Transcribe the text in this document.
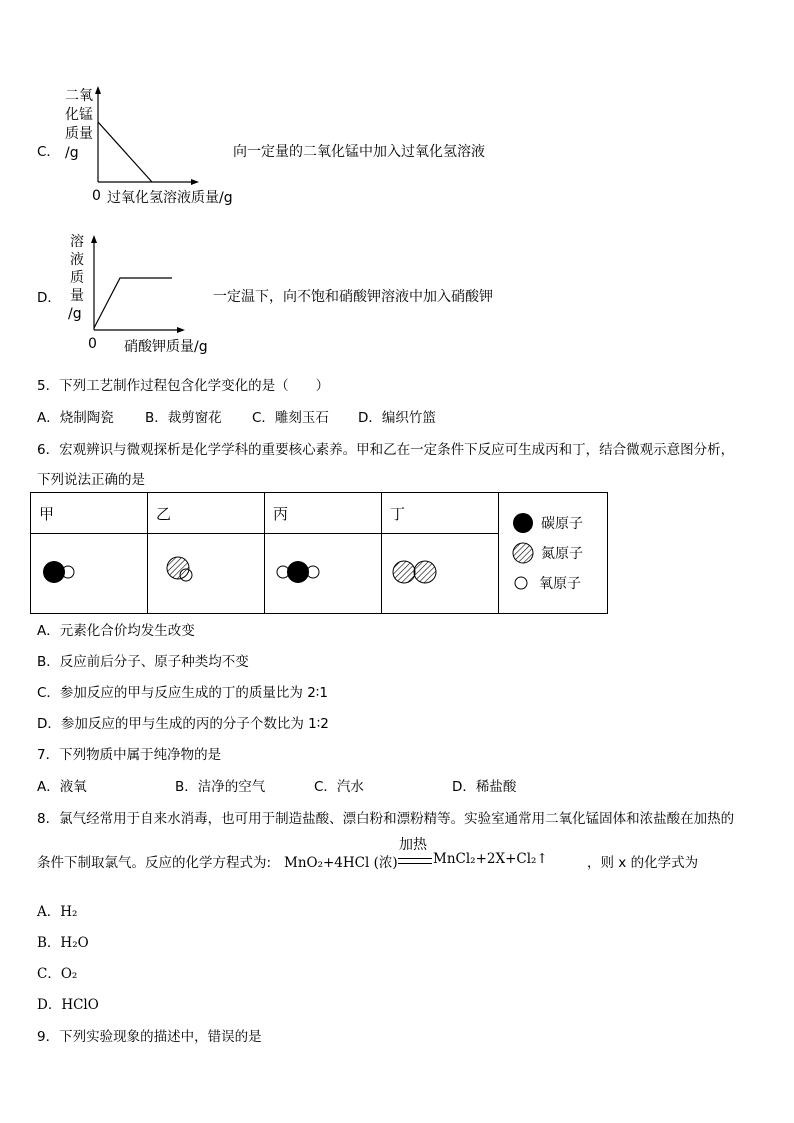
C．
二氧
化锰
质量
/g
0 过氧化氢溶液质量/g
向一定量的二氧化锰中加入过氧化氢溶液
D．
溶
液
质
量
/g
0 硝酸钾质量/g
一定温下，向不饱和硝酸钾溶液中加入硝酸钾
5．下列工艺制作过程包含化学变化的是（　　）
A．烧制陶瓷 B．裁剪窗花 C．雕刻玉石 D．编织竹篮
6．宏观辨识与微观探析是化学学科的重要核心素养。甲和乙在一定条件下反应可生成丙和丁，结合微观示意图分析，
下列说法正确的是
甲	乙	丙	丁	碳原子
氮原子
氧原子

A．元素化合价均发生改变
B．反应前后分子、原子种类均不变
C．参加反应的甲与反应生成的丁的质量比为 2∶1
D．参加反应的甲与生成的丙的分子个数比为 1∶2
7．下列物质中属于纯净物的是
A．液氧	B．洁净的空气	C．汽水	D．稀盐酸
8．氯气经常用于自来水消毒，也可用于制造盐酸、漂白粉和漂粉精等。实验室通常用二氧化锰固体和浓盐酸在加热的
条件下制取氯气。反应的化学方程式为: MnO₂+4HCl (浓)
加热
MnCl₂+2X+Cl₂↑	，则 x 的化学式为
A．H₂
B．H₂O
C．O₂
D．HClO
9．下列实验现象的描述中，错误的是
